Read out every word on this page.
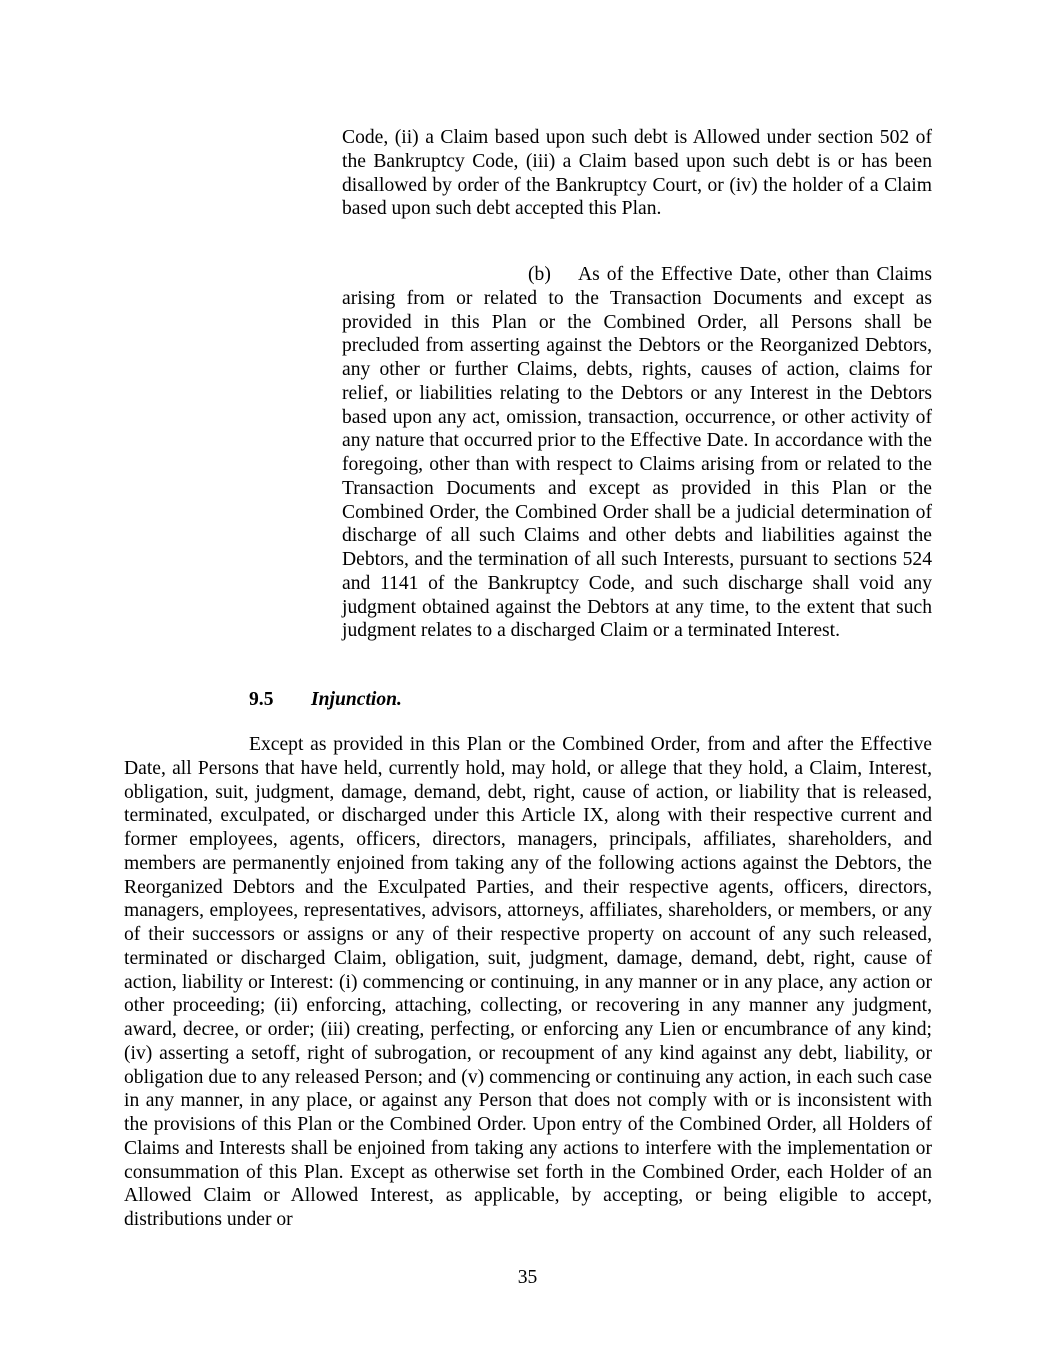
Code, (ii) a Claim based upon such debt is Allowed under section 502 of the Bankruptcy Code, (iii) a Claim based upon such debt is or has been disallowed by order of the Bankruptcy Court, or (iv) the holder of a Claim based upon such debt accepted this Plan.

(b) As of the Effective Date, other than Claims arising from or related to the Transaction Documents and except as provided in this Plan or the Combined Order, all Persons shall be precluded from asserting against the Debtors or the Reorganized Debtors, any other or further Claims, debts, rights, causes of action, claims for relief, or liabilities relating to the Debtors or any Interest in the Debtors based upon any act, omission, transaction, occurrence, or other activity of any nature that occurred prior to the Effective Date. In accordance with the foregoing, other than with respect to Claims arising from or related to the Transaction Documents and except as provided in this Plan or the Combined Order, the Combined Order shall be a judicial determination of discharge of all such Claims and other debts and liabilities against the Debtors, and the termination of all such Interests, pursuant to sections 524 and 1141 of the Bankruptcy Code, and such discharge shall void any judgment obtained against the Debtors at any time, to the extent that such judgment relates to a discharged Claim or a terminated Interest.

9.5 Injunction.

Except as provided in this Plan or the Combined Order, from and after the Effective Date, all Persons that have held, currently hold, may hold, or allege that they hold, a Claim, Interest, obligation, suit, judgment, damage, demand, debt, right, cause of action, or liability that is released, terminated, exculpated, or discharged under this Article IX, along with their respective current and former employees, agents, officers, directors, managers, principals, affiliates, shareholders, and members are permanently enjoined from taking any of the following actions against the Debtors, the Reorganized Debtors and the Exculpated Parties, and their respective agents, officers, directors, managers, employees, representatives, advisors, attorneys, affiliates, shareholders, or members, or any of their successors or assigns or any of their respective property on account of any such released, terminated or discharged Claim, obligation, suit, judgment, damage, demand, debt, right, cause of action, liability or Interest: (i) commencing or continuing, in any manner or in any place, any action or other proceeding; (ii) enforcing, attaching, collecting, or recovering in any manner any judgment, award, decree, or order; (iii) creating, perfecting, or enforcing any Lien or encumbrance of any kind; (iv) asserting a setoff, right of subrogation, or recoupment of any kind against any debt, liability, or obligation due to any released Person; and (v) commencing or continuing any action, in each such case in any manner, in any place, or against any Person that does not comply with or is inconsistent with the provisions of this Plan or the Combined Order. Upon entry of the Combined Order, all Holders of Claims and Interests shall be enjoined from taking any actions to interfere with the implementation or consummation of this Plan. Except as otherwise set forth in the Combined Order, each Holder of an Allowed Claim or Allowed Interest, as applicable, by accepting, or being eligible to accept, distributions under or

35
